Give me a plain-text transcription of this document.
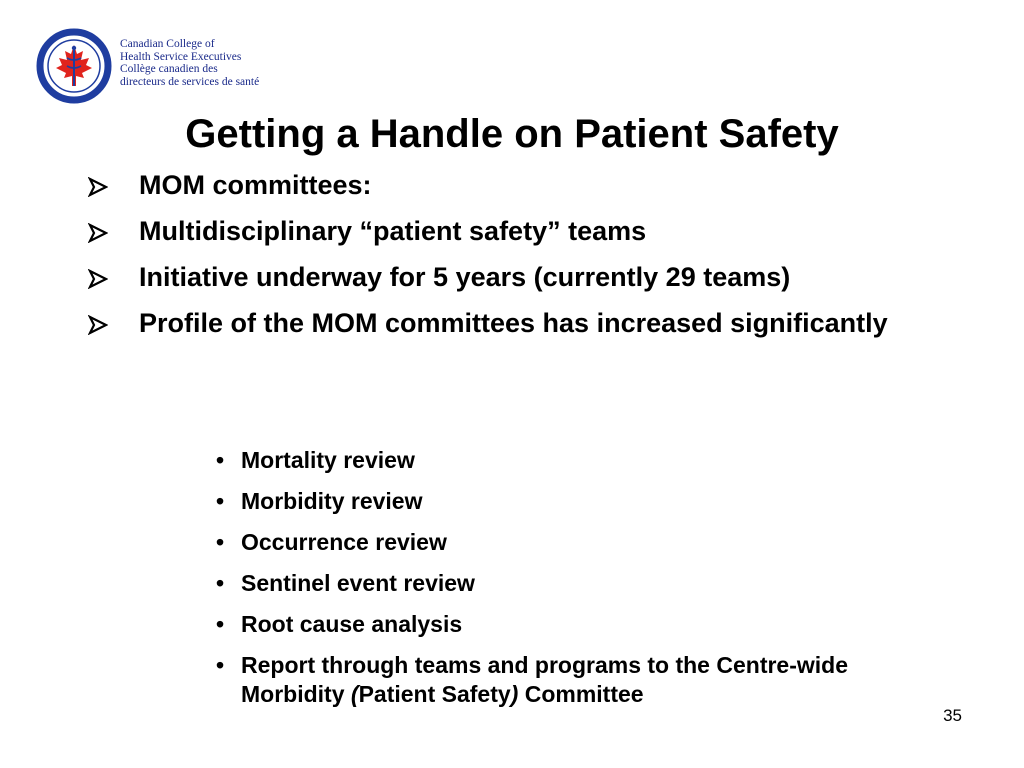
Canadian College of
Health Service Executives
Collège canadien des
directeurs de services de santé
Getting a Handle on Patient Safety
MOM committees:
Multidisciplinary “patient safety” teams
Initiative underway for 5 years (currently 29 teams)
Profile of the MOM committees has increased significantly
• Mortality review
• Morbidity review
• Occurrence review
• Sentinel event review
• Root cause analysis
• Report through teams and programs to the Centre-wide Morbidity (Patient Safety) Committee
35
